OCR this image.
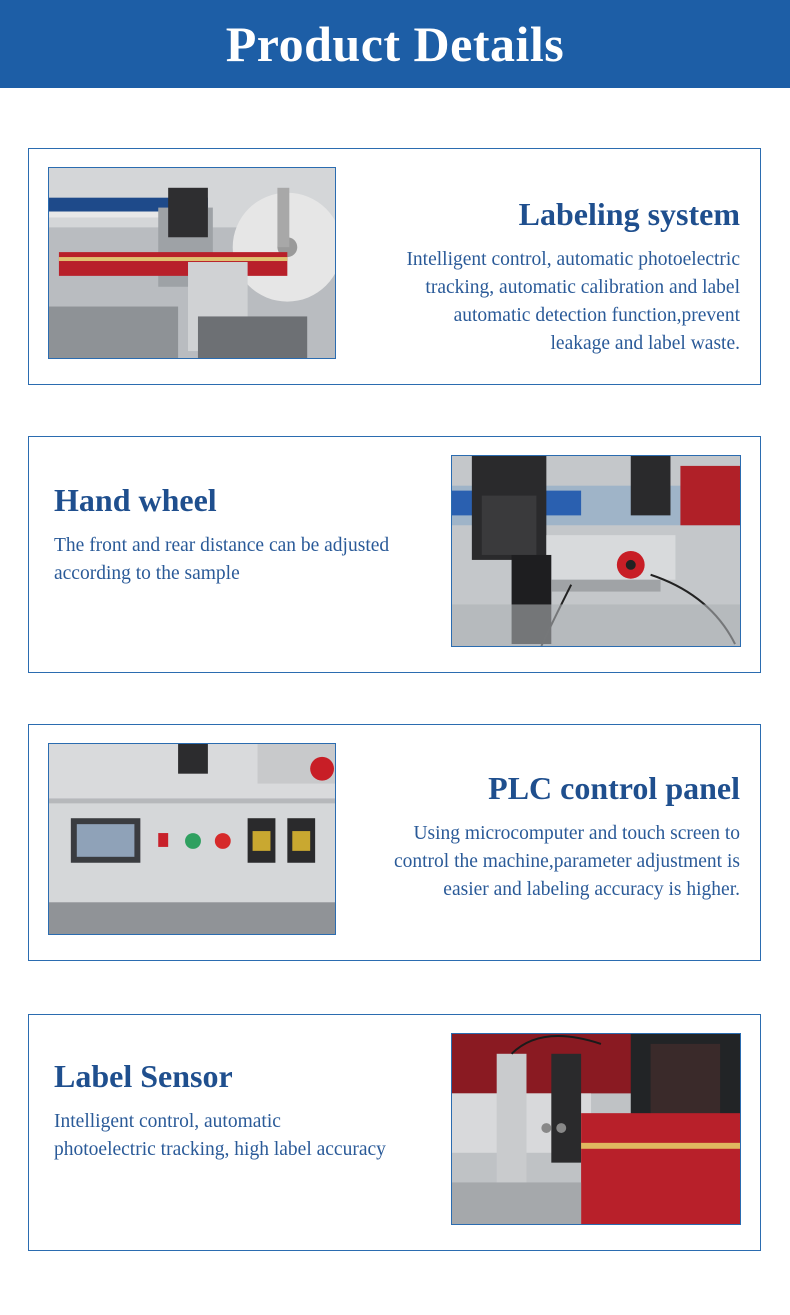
Product Details
Labeling system
Intelligent control, automatic photoelectric
tracking, automatic calibration and label
automatic detection function,prevent
leakage and label waste.
Hand wheel
The front and rear distance can be adjusted
according to the sample
PLC control panel
Using microcomputer and touch screen to
control the machine,parameter adjustment is
easier and labeling accuracy is higher.
Label Sensor
Intelligent control, automatic
photoelectric tracking, high label accuracy
